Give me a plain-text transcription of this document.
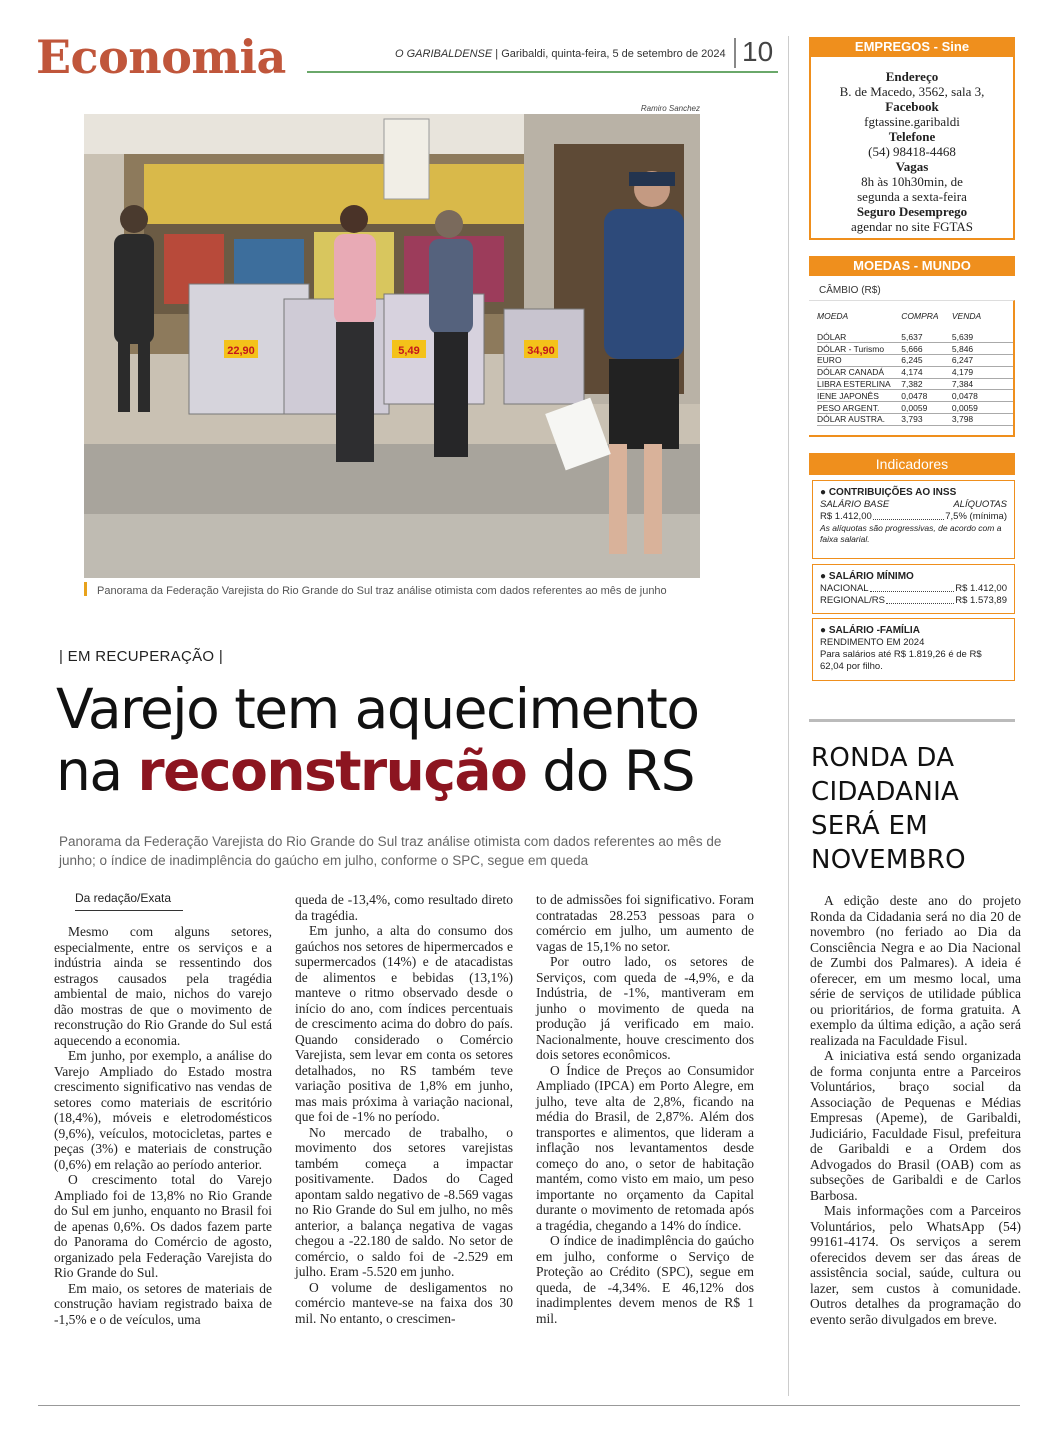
Economia	O GARIBALDENSE | Garibaldi, quinta-feira, 5 de setembro de 2024 10
Ramiro Sanchez
22,90	5,49	34,90
Panorama da Federação Varejista do Rio Grande do Sul traz análise otimista com dados referentes ao mês de junho
| EM RECUPERAÇÃO |
Varejo tem aquecimento
na reconstrução do RS
Panorama da Federação Varejista do Rio Grande do Sul traz análise otimista com dados referentes ao mês de junho; o índice de inadimplência do gaúcho em julho, conforme o SPC, segue em queda
Da redação/Exata

Mesmo com alguns setores, especialmente, entre os serviços e a indústria ainda se ressentindo dos estragos causados pela tragédia ambiental de maio, nichos do varejo dão mostras de que o movimento de reconstrução do Rio Grande do Sul está aquecendo a economia.

Em junho, por exemplo, a análise do Varejo Ampliado do Estado mostra crescimento significativo nas vendas de setores como materiais de escritório (18,4%), móveis e eletrodomésticos (9,6%), veículos, motocicletas, partes e peças (3%) e materiais de construção (0,6%) em relação ao período anterior.

O crescimento total do Varejo Ampliado foi de 13,8% no Rio Grande do Sul em junho, enquanto no Brasil foi de apenas 0,6%. Os dados fazem parte do Panorama do Comércio de agosto, organizado pela Federação Varejista do Rio Grande do Sul.

Em maio, os setores de materiais de construção haviam registrado baixa de -1,5% e o de veículos, uma

queda de -13,4%, como resultado direto da tragédia.

Em junho, a alta do consumo dos gaúchos nos setores de hipermercados e supermercados (14%) e de atacadistas de alimentos e bebidas (13,1%) manteve o ritmo observado desde o início do ano, com índices percentuais de crescimento acima do dobro do país. Quando considerado o Comércio Varejista, sem levar em conta os setores detalhados, no RS também teve variação positiva de 1,8% em junho, mas mais próxima à variação nacional, que foi de -1% no período.

No mercado de trabalho, o movimento dos setores varejistas também começa a impactar positivamente. Dados do Caged apontam saldo negativo de -8.569 vagas no Rio Grande do Sul em julho, no mês anterior, a balança negativa de vagas chegou a -22.180 de saldo. No setor de comércio, o saldo foi de -2.529 em julho. Eram -5.520 em junho.

O volume de desligamentos no comércio manteve-se na faixa dos 30 mil. No entanto, o crescimen-

to de admissões foi significativo. Foram contratadas 28.253 pessoas para o comércio em julho, um aumento de vagas de 15,1% no setor.

Por outro lado, os setores de Serviços, com queda de -4,9%, e da Indústria, de -1%, mantiveram em junho o movimento de queda na produção já verificado em maio. Nacionalmente, houve crescimento dos dois setores econômicos.

O Índice de Preços ao Consumidor Ampliado (IPCA) em Porto Alegre, em julho, teve alta de 2,8%, ficando na média do Brasil, de 2,87%. Além dos transportes e alimentos, que lideram a inflação nos levantamentos desde começo do ano, o setor de habitação mantém, como visto em maio, um peso importante no orçamento da Capital durante o movimento de retomada após a tragédia, chegando a 14% do índice.

O índice de inadimplência do gaúcho em julho, conforme o Serviço de Proteção ao Crédito (SPC), segue em queda, de -4,34%. E 46,12% dos inadimplentes devem menos de R$ 1 mil.

EMPREGOS - Sine
Endereço
B. de Macedo, 3562, sala 3,
Facebook
fgtassine.garibaldi
Telefone
(54) 98418-4468
Vagas
8h às 10h30min, de
segunda a sexta-feira
Seguro Desemprego
agendar no site FGTAS
MOEDAS - MUNDO
CÂMBIO (R$)
MOEDA	COMPRA	VENDA
DÓLAR	5,637	5,639
DÓLAR - Turismo	5,666	5,846
EURO	6,245	6,247
DÓLAR CANADÁ	4,174	4,179
LIBRA ESTERLINA	7,382	7,384
IENE JAPONÊS	0,0478	0,0478
PESO ARGENT.	0,0059	0,0059
DÓLAR AUSTRA.	3,793	3,798
Indicadores
● CONTRIBUIÇÕES AO INSS
SALÁRIO BASE	ALÍQUOTAS
R$ 1.412,00	7,5% (mínima)
As alíquotas são progressivas, de acordo com a faixa salarial.
● SALÁRIO MÍNIMO
NACIONAL	R$ 1.412,00
REGIONAL/RS	R$ 1.573,89
● SALÁRIO -FAMÍLIA
RENDIMENTO EM 2024
Para salários até R$ 1.819,26 é de R$ 62,04 por filho.
RONDA DA
CIDADANIA
SERÁ EM
NOVEMBRO

A edição deste ano do projeto Ronda da Cidadania será no dia 20 de novembro (no feriado ao Dia da Consciência Negra e ao Dia Nacional de Zumbi dos Palmares). A ideia é oferecer, em um mesmo local, uma série de serviços de utilidade pública ou prioritários, de forma gratuita. A exemplo da última edição, a ação será realizada na Faculdade Fisul.

A iniciativa está sendo organizada de forma conjunta entre a Parceiros Voluntários, braço social da Associação de Pequenas e Médias Empresas (Apeme), de Garibaldi, Judiciário, Faculdade Fisul, prefeitura de Garibaldi e a Ordem dos Advogados do Brasil (OAB) com as subseções de Garibaldi e de Carlos Barbosa.

Mais informações com a Parceiros Voluntários, pelo WhatsApp (54) 99161-4174. Os serviços a serem oferecidos devem ser das áreas de assistência social, saúde, cultura ou lazer, sem custos à comunidade. Outros detalhes da programação do evento serão divulgados em breve.
